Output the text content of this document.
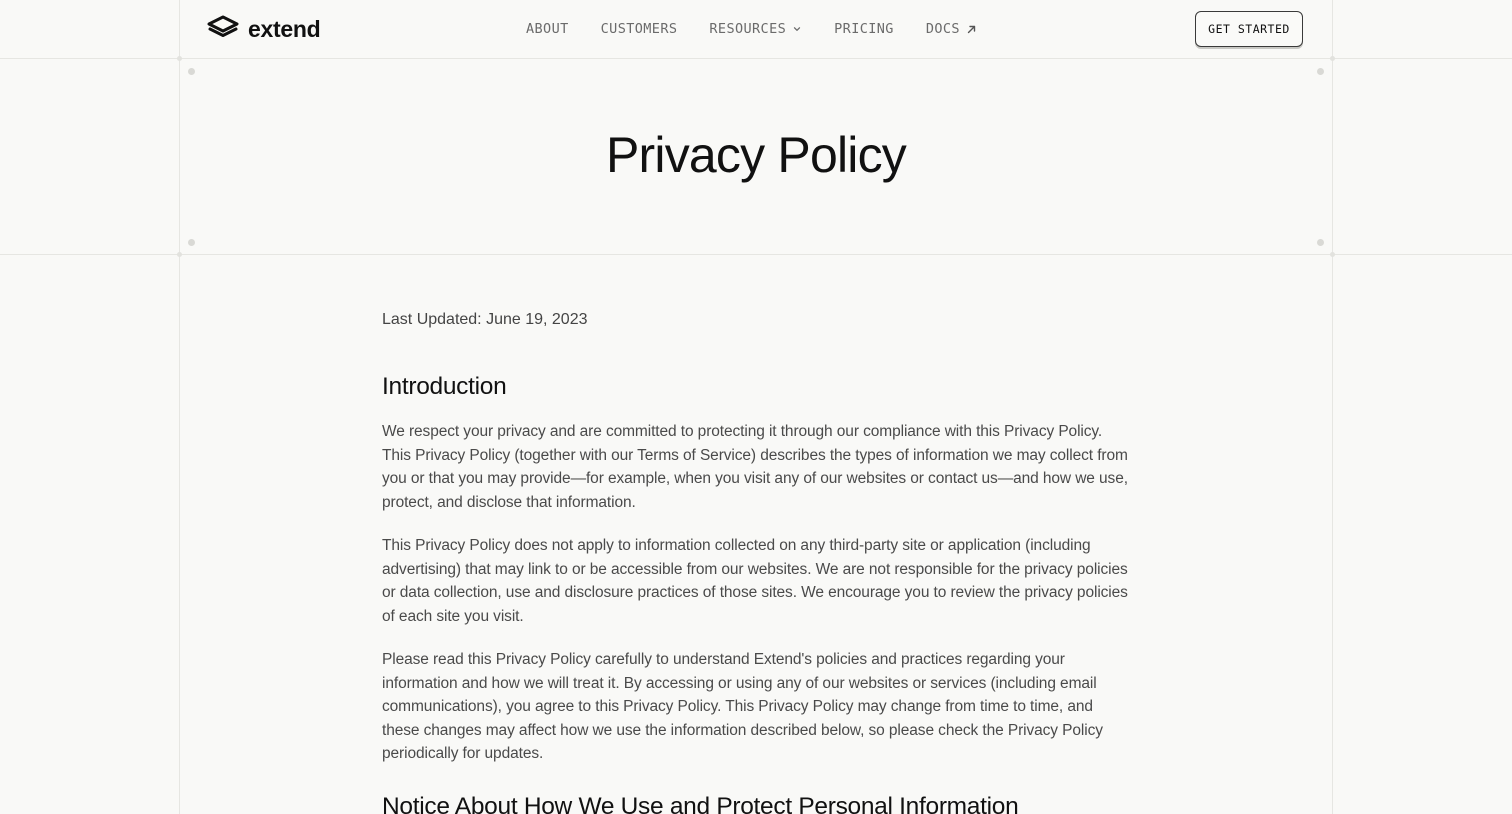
extend	ABOUT CUSTOMERS RESOURCES	PRICING DOCS	GET STARTED
Privacy Policy

Last Updated: June 19, 2023

Introduction

We respect your privacy and are committed to protecting it through our compliance with this Privacy Policy. This Privacy Policy (together with our Terms of Service) describes the types of information we may collect from you or that you may provide—for example, when you visit any of our websites or contact us—and how we use, protect, and disclose that information.

This Privacy Policy does not apply to information collected on any third-party site or application (including advertising) that may link to or be accessible from our websites. We are not responsible for the privacy policies or data collection, use and disclosure practices of those sites. We encourage you to review the privacy policies of each site you visit.

Please read this Privacy Policy carefully to understand Extend's policies and practices regarding your information and how we will treat it. By accessing or using any of our websites or services (including email communications), you agree to this Privacy Policy. This Privacy Policy may change from time to time, and these changes may affect how we use the information described below, so please check the Privacy Policy periodically for updates.

Notice About How We Use and Protect Personal Information
